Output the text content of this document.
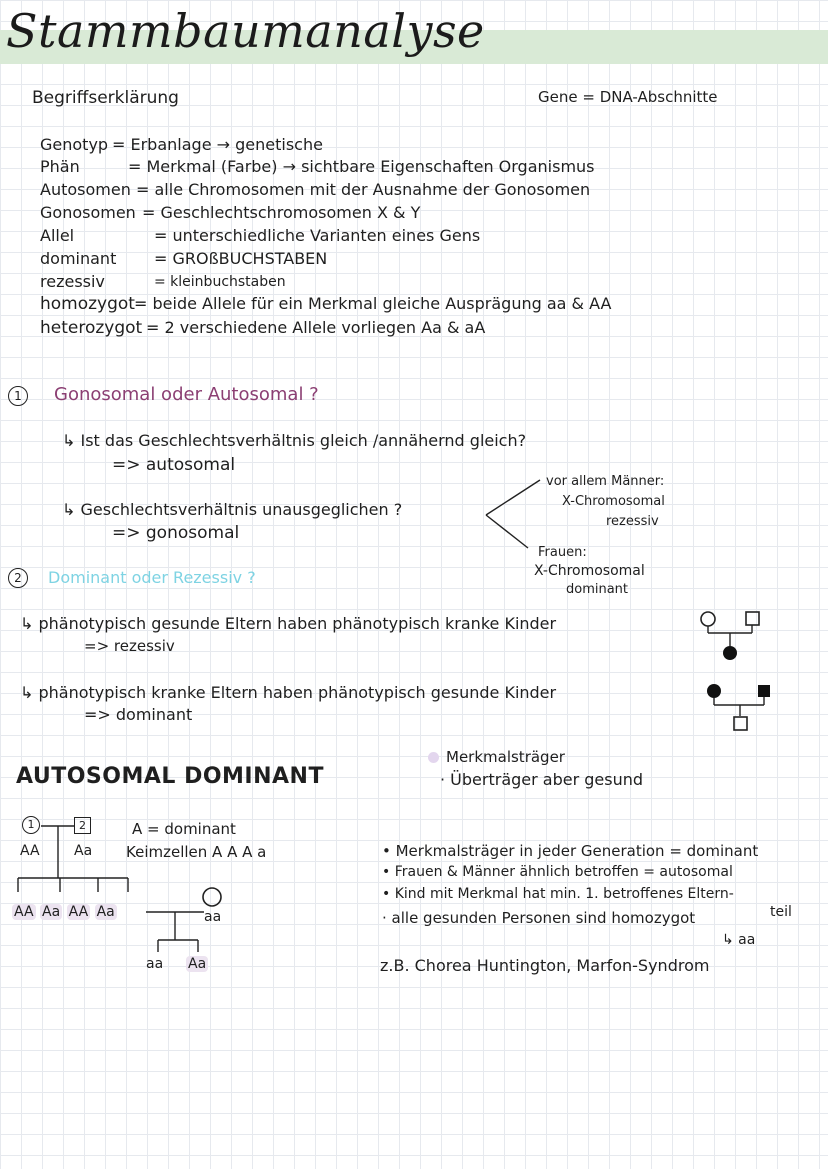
Stammbaumanalyse
Begriffserklärung	Gene = DNA-Abschnitte
Genotyp = Erbanlage → genetische
Phän	= Merkmal (Farbe) → sichtbare Eigenschaften Organismus
Autosomen = alle Chromosomen mit der Ausnahme der Gonosomen
Gonosomen = Geschlechtschromosomen X & Y
Allel	= unterschiedliche Varianten eines Gens
dominant = GROßBUCHSTABEN
rezessiv	= kleinbuchstaben
homozygot = beide Allele für ein Merkmal gleiche Ausprägung aa & AA
heterozygot = 2 verschiedene Allele vorliegen Aa & aA
1	Gonosomal oder Autosomal ?
↳ Ist das Geschlechtsverhältnis gleich /annähernd gleich?
=> autosomal
↳ Geschlechtsverhältnis unausgeglichen ?
=> gonosomal
vor allem Männer:
X-Chromosomal
rezessiv
Frauen:
X-Chromosomal
dominant
2	Dominant oder Rezessiv ?
↳ phänotypisch gesunde Eltern haben phänotypisch kranke Kinder
=> rezessiv
↳ phänotypisch kranke Eltern haben phänotypisch gesunde Kinder
=> dominant
Merkmalsträger
· Überträger aber gesund
AUTOSOMAL DOMINANT
1	2
AA Aa
A = dominant
Keimzellen A A A a
AA Aa AA Aa	aa
aa Aa
• Merkmalsträger in jeder Generation = dominant
• Frauen & Männer ähnlich betroffen = autosomal
• Kind mit Merkmal hat min. 1. betroffenes Eltern-
· alle gesunden Personen sind homozygot	teil
↳ aa
z.B. Chorea Huntington, Marfon-Syndrom
